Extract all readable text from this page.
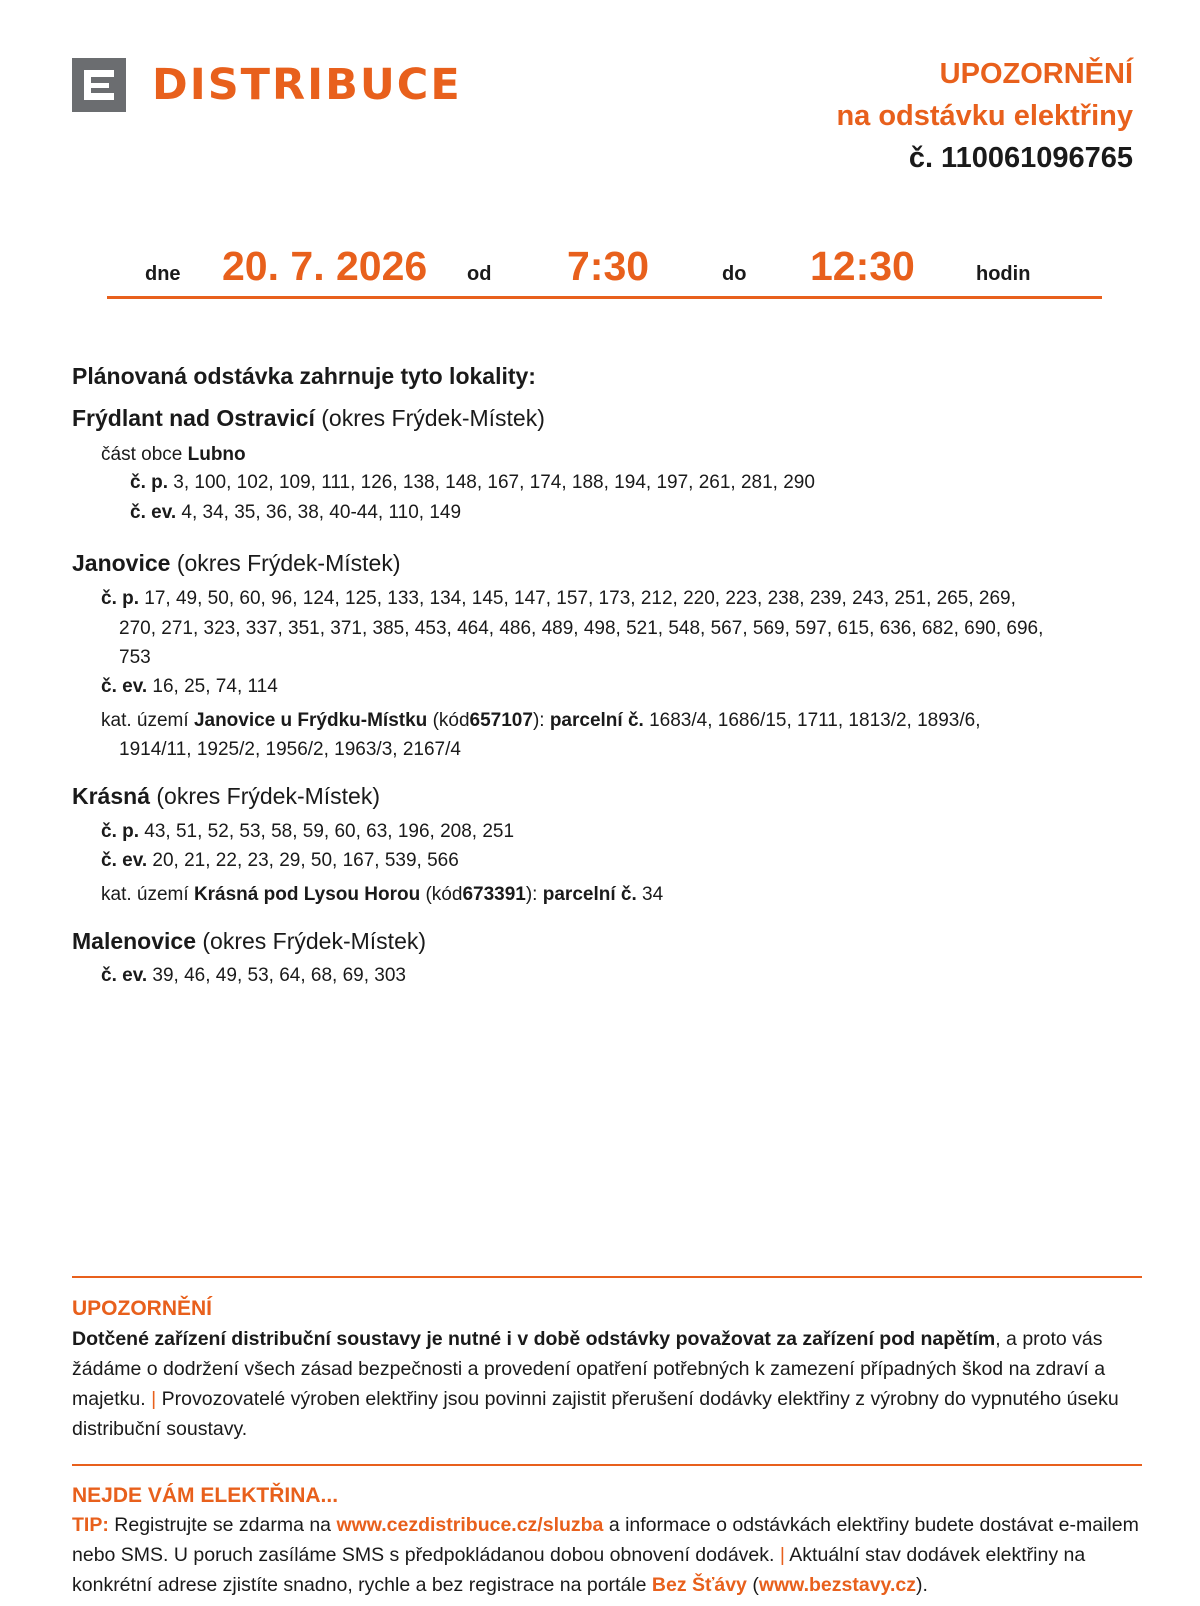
DISTRIBUCE	UPOZORNĚNÍ
na odstávku elektřiny
č. 110061096765
dne 20. 7. 2026 od 7:30	do 12:30	hodin
Plánovaná odstávka zahrnuje tyto lokality:
Frýdlant nad Ostravicí (okres Frýdek-Místek)
část obce Lubno
č. p. 3, 100, 102, 109, 111, 126, 138, 148, 167, 174, 188, 194, 197, 261, 281, 290
č. ev. 4, 34, 35, 36, 38, 40-44, 110, 149
Janovice (okres Frýdek-Místek)
č. p. 17, 49, 50, 60, 96, 124, 125, 133, 134, 145, 147, 157, 173, 212, 220, 223, 238, 239, 243, 251, 265, 269,
270, 271, 323, 337, 351, 371, 385, 453, 464, 486, 489, 498, 521, 548, 567, 569, 597, 615, 636, 682, 690, 696,
753
č. ev. 16, 25, 74, 114
kat. území Janovice u Frýdku-Místku (kód657107): parcelní č. 1683/4, 1686/15, 1711, 1813/2, 1893/6,
1914/11, 1925/2, 1956/2, 1963/3, 2167/4
Krásná (okres Frýdek-Místek)
č. p. 43, 51, 52, 53, 58, 59, 60, 63, 196, 208, 251
č. ev. 20, 21, 22, 23, 29, 50, 167, 539, 566
kat. území Krásná pod Lysou Horou (kód673391): parcelní č. 34
Malenovice (okres Frýdek-Místek)
č. ev. 39, 46, 49, 53, 64, 68, 69, 303
UPOZORNĚNÍ
Dotčené zařízení distribuční soustavy je nutné i v době odstávky považovat za zařízení pod napětím, a proto vás žádáme o dodržení všech zásad bezpečnosti a provedení opatření potřebných k zamezení případných škod na zdraví a majetku. | Provozovatelé výroben elektřiny jsou povinni zajistit přerušení dodávky elektřiny z výrobny do vypnutého úseku distribuční soustavy.
NEJDE VÁM ELEKTŘINA...
TIP: Registrujte se zdarma na www.cezdistribuce.cz/sluzba a informace o odstávkách elektřiny budete dostávat e-mailem nebo SMS. U poruch zasíláme SMS s předpokládanou dobou obnovení dodávek. | Aktuální stav dodávek elektřiny na konkrétní adrese zjistíte snadno, rychle a bez registrace na portále Bez Šťávy (www.bezstavy.cz).
